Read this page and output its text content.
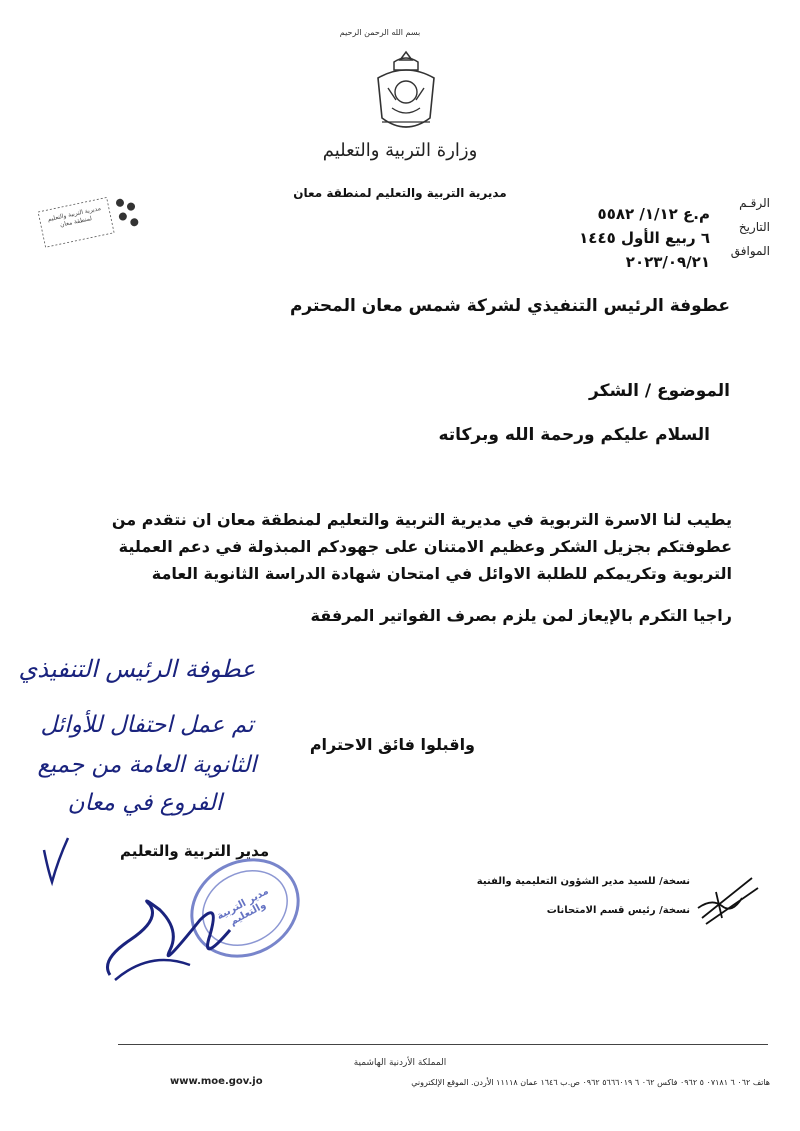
بسم الله الرحمن الرحيم
وزارة التربية والتعليم
مديرية التربية والتعليم لمنطقة معان
مديرية التربية والتعليم لمنطقة معان
الرقـم
م.ع ١/١٢/ ٥٥٨٢
التاريخ
٦ ربيع الأول ١٤٤٥
الموافق
٢٠٢٣/٠٩/٢١
عطوفة الرئيس التنفيذي لشركة شمس معان المحترم
الموضوع / الشكر
السلام عليكم ورحمة الله وبركاته
يطيب لنا الاسرة التربوية في مديرية التربية والتعليم لمنطقة معان ان نتقدم من
عطوفتكم بجزيل الشكر وعظيم الامتنان على جهودكم المبذولة في دعم العملية
التربوية وتكريمكم للطلبة الاوائل في امتحان شهادة الدراسة الثانوية العامة
راجيا التكرم بالإيعاز لمن يلزم بصرف الفواتير المرفقة
عطوفة الرئيس التنفيذي
تم عمل احتفال للأوائل
الثانوية العامة من جميع
الفروع في معان
واقبلوا فائق الاحترام
مدير التربية والتعليم
مدير التربية والتعليم
نسخة/ للسيد مدير الشؤون التعليمية والفنية
نسخة/ رئيس قسم الامتحانات
المملكة الأردنية الهاشمية
هاتف ٠٦٢ ٦ ٠٧١٨١ ٥ ٠٩٦٢ فاكس ٠٦٢ ٦ ٥٦٦٦٠١٩ ٠٩٦٢ ص.ب ١٦٤٦ عمان ١١١١٨ الأردن. الموقع الإلكتروني
www.moe.gov.jo
